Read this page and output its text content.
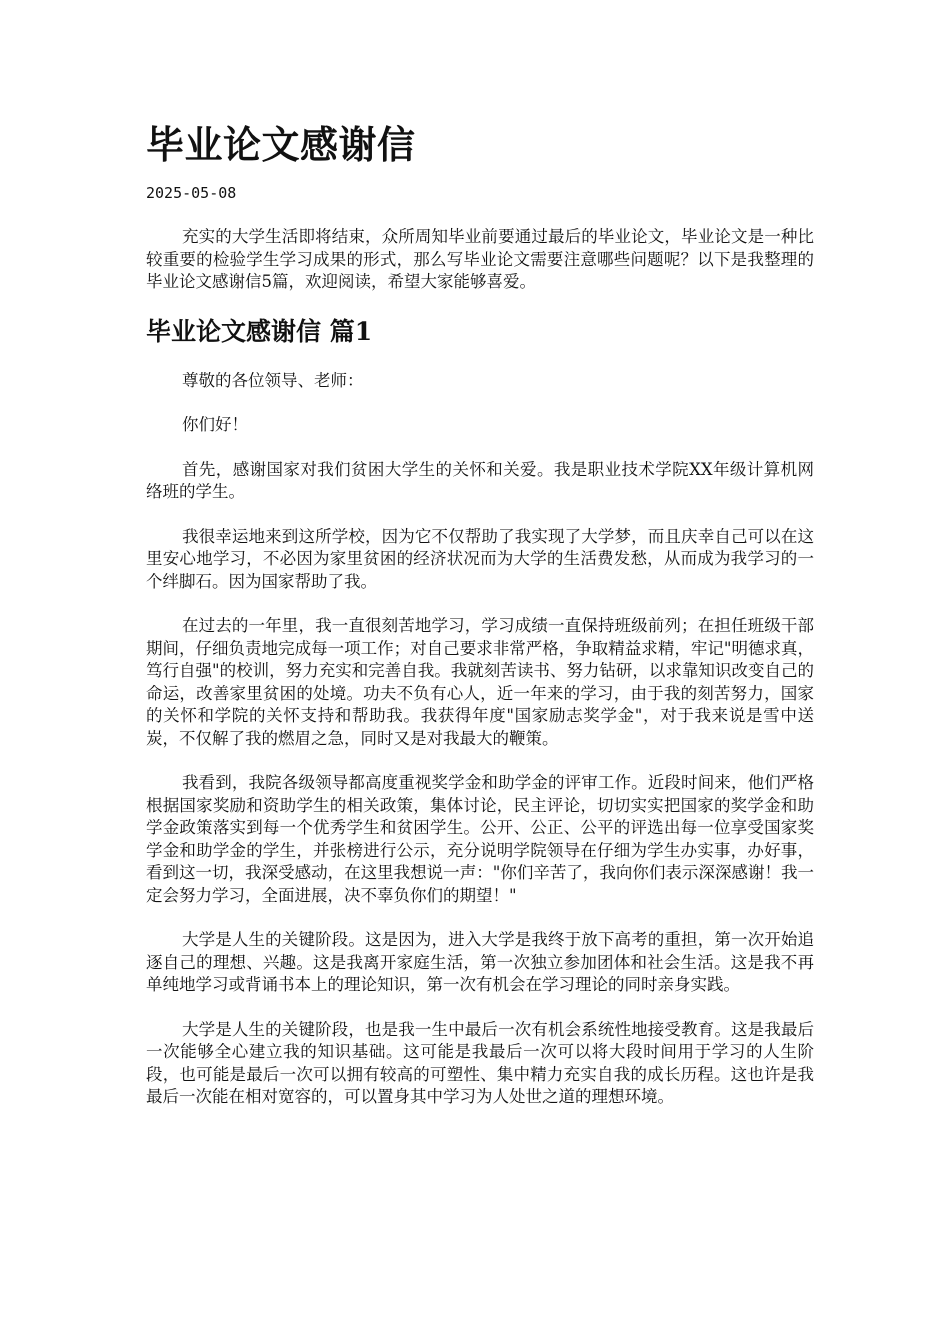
毕业论文感谢信
2025-05-08

充实的大学生活即将结束，众所周知毕业前要通过最后的毕业论文，毕业论文是一种比较重要的检验学生学习成果的形式，那么写毕业论文需要注意哪些问题呢？以下是我整理的毕业论文感谢信5篇，欢迎阅读，希望大家能够喜爱。

毕业论文感谢信 篇1

尊敬的各位领导、老师：

你们好！

首先，感谢国家对我们贫困大学生的关怀和关爱。我是职业技术学院XX年级计算机网络班的学生。

我很幸运地来到这所学校，因为它不仅帮助了我实现了大学梦，而且庆幸自己可以在这里安心地学习，不必因为家里贫困的经济状况而为大学的生活费发愁，从而成为我学习的一个绊脚石。因为国家帮助了我。

在过去的一年里，我一直很刻苦地学习，学习成绩一直保持班级前列；在担任班级干部期间，仔细负责地完成每一项工作；对自己要求非常严格，争取精益求精，牢记"明德求真，笃行自强"的校训，努力充实和完善自我。我就刻苦读书、努力钻研，以求靠知识改变自己的命运，改善家里贫困的处境。功夫不负有心人，近一年来的学习，由于我的刻苦努力，国家的关怀和学院的关怀支持和帮助我。我获得年度"国家励志奖学金"，对于我来说是雪中送炭，不仅解了我的燃眉之急，同时又是对我最大的鞭策。

我看到，我院各级领导都高度重视奖学金和助学金的评审工作。近段时间来，他们严格根据国家奖励和资助学生的相关政策，集体讨论，民主评论，切切实实把国家的奖学金和助学金政策落实到每一个优秀学生和贫困学生。公开、公正、公平的评选出每一位享受国家奖学金和助学金的学生，并张榜进行公示，充分说明学院领导在仔细为学生办实事，办好事，看到这一切，我深受感动，在这里我想说一声："你们辛苦了，我向你们表示深深感谢！我一定会努力学习，全面进展，决不辜负你们的期望！"

大学是人生的关键阶段。这是因为，进入大学是我终于放下高考的重担，第一次开始追逐自己的理想、兴趣。这是我离开家庭生活，第一次独立参加团体和社会生活。这是我不再单纯地学习或背诵书本上的理论知识，第一次有机会在学习理论的同时亲身实践。

大学是人生的关键阶段，也是我一生中最后一次有机会系统性地接受教育。这是我最后一次能够全心建立我的知识基础。这可能是我最后一次可以将大段时间用于学习的人生阶段，也可能是最后一次可以拥有较高的可塑性、集中精力充实自我的成长历程。这也许是我最后一次能在相对宽容的，可以置身其中学习为人处世之道的理想环境。
